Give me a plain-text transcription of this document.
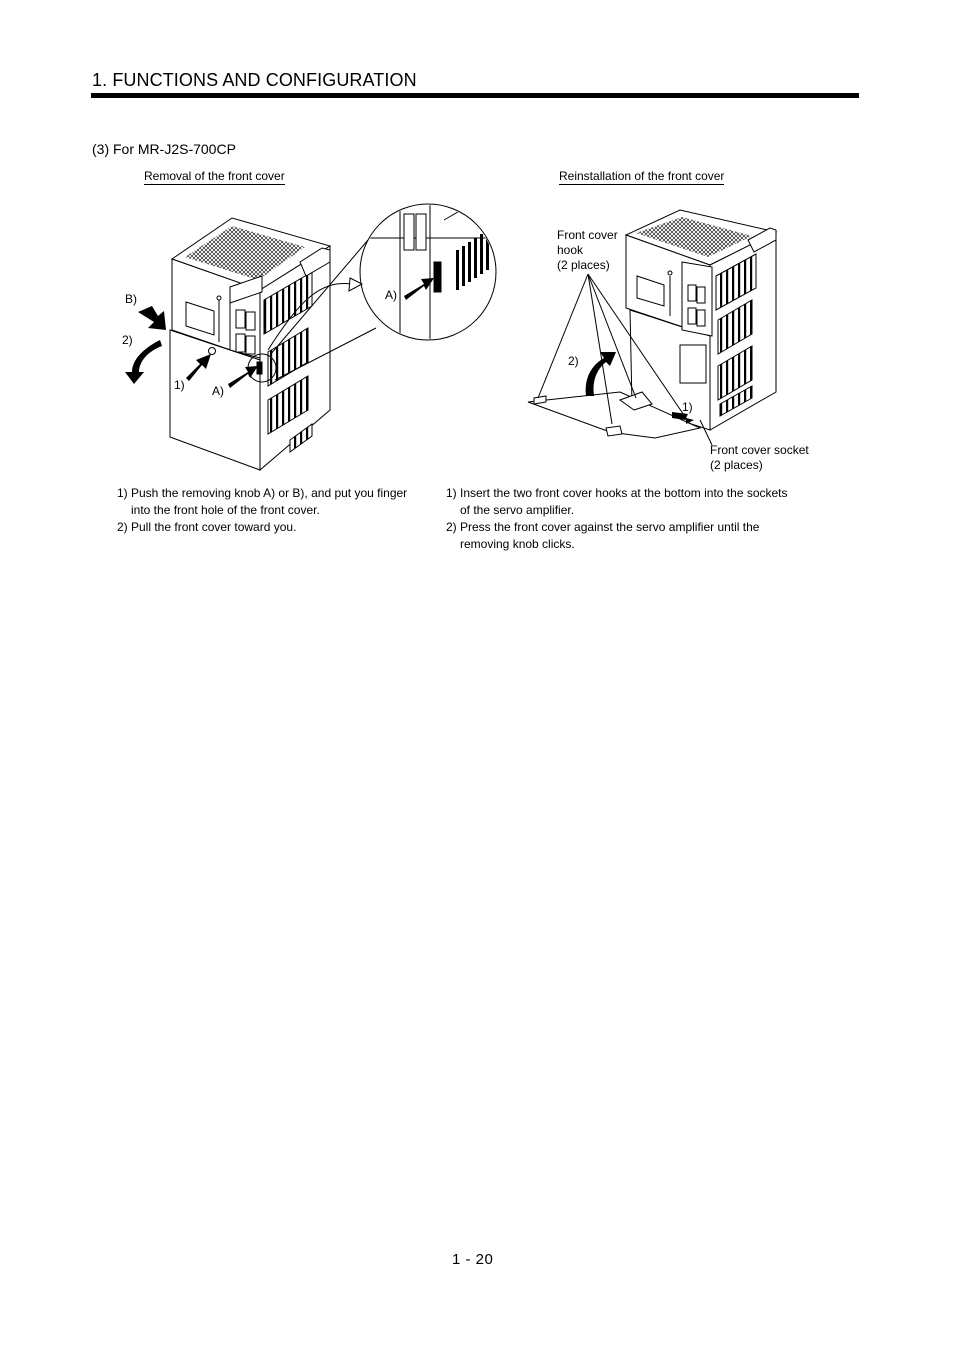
1. FUNCTIONS AND CONFIGURATION
(3) For MR-J2S-700CP
Removal of the front cover	Reinstallation of the front cover
B)
2)
1) A)
A)
Front cover
hook
(2 places)
2)
1)
Front cover socket
(2 places)
1) Push the removing knob A) or B), and put you finger into the front hole of the front cover.
2) Pull the front cover toward you.
1) Insert the two front cover hooks at the bottom into the sockets of the servo amplifier.
2) Press the front cover against the servo amplifier until the removing knob clicks.
1 - 20
